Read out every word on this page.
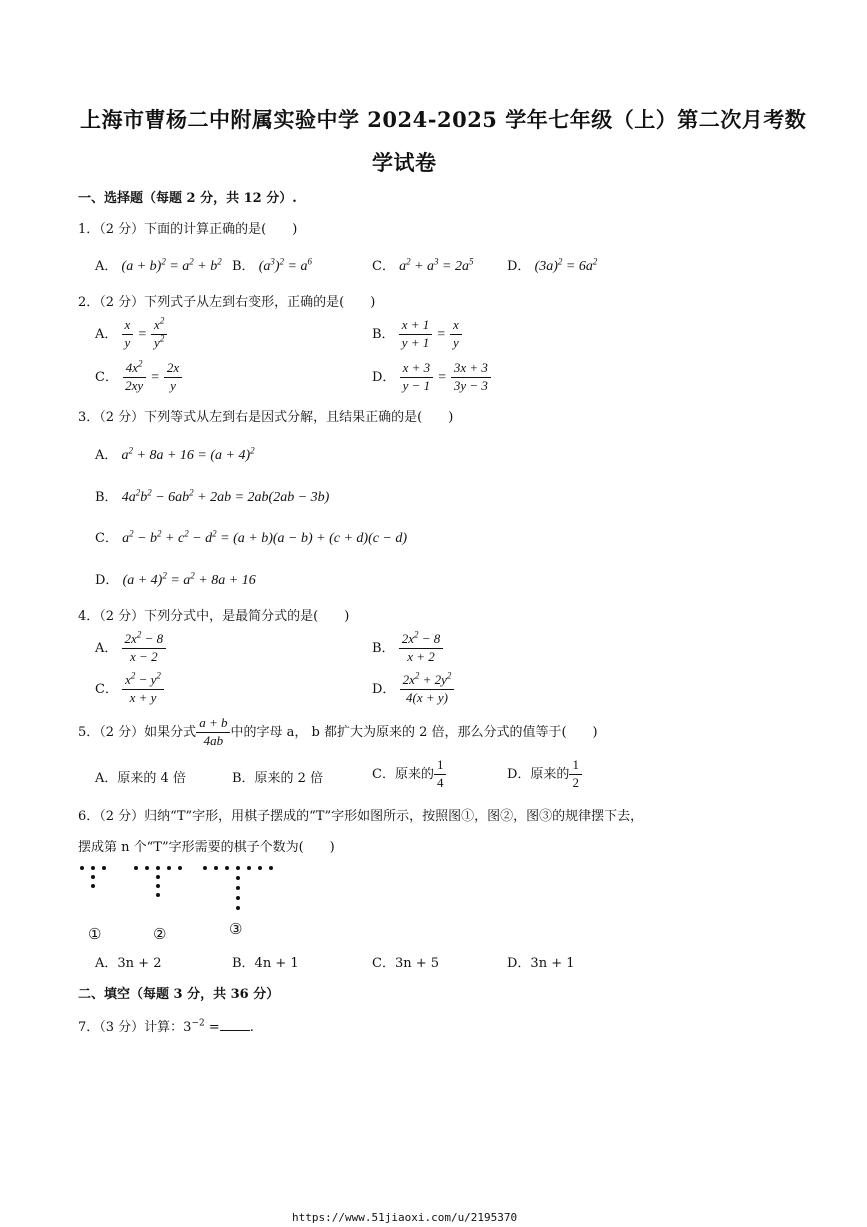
上海市曹杨二中附属实验中学 2024-2025 学年七年级（上）第二次月考数
学试卷
一、选择题（每题 2 分，共 12 分）.
1．（2 分）下面的计算正确的是(　　)
A． $(a + b)^2 = a^2 + b^2$ B． $(a^3)^2 = a^6$	C． $a^2 + a^3 = 2a^5$	D． $(3a)^2 = 6a^2$
2．（2 分）下列式子从左到右变形，正确的是(　　)
A． $\frac{x}{y} = \frac{x^2}{y^2}$	B． $\frac{x + 1}{y + 1} = \frac{x}{y}$
C． $\frac{4x^2}{2xy} = \frac{2x}{y}$	D． $\frac{x + 3}{y - 1} = \frac{3x + 3}{3y - 3}$
3．（2 分）下列等式从左到右是因式分解，且结果正确的是(　　)
A． $a^2 + 8a + 16 = (a + 4)^2$
B． $4a^2b^2 - 6ab^2 + 2ab = 2ab(2ab - 3b)$
C． $a^2 - b^2 + c^2 - d^2 = (a + b)(a - b) + (c + d)(c - d)$
D． $(a + 4)^2 = a^2 + 8a + 16$
4．（2 分）下列分式中，是最简分式的是(　　)
A． $\frac{2x^2 - 8}{x - 2}$	B． $\frac{2x^2 - 8}{x + 2}$
C． $\frac{x^2 - y^2}{x + y}$	D． $\frac{2x^2 + 2y^2}{4(x + y)}$
5．（2 分）如果分式 $\frac{a + b}{4ab}$ 中的字母 a， b 都扩大为原来的 2 倍，那么分式的值等于(　　)
A．原来的 4 倍	B．原来的 2 倍	C．原来的 $\frac{1}{4}$	D．原来的 $\frac{1}{2}$
6．（2 分）归纳“T”字形，用棋子摆成的“T”字形如图所示，按照图①，图②，图③的规律摆下去，
摆成第 n 个“T”字形需要的棋子个数为(　　)
①	②	③
A．3n + 2	B．4n + 1	C．3n + 5	D．3n + 1
二、填空（每题 3 分，共 36 分）
7．（3 分）计算：$3^{-2}$ = .
https://www.51jiaoxi.com/u/2195370
